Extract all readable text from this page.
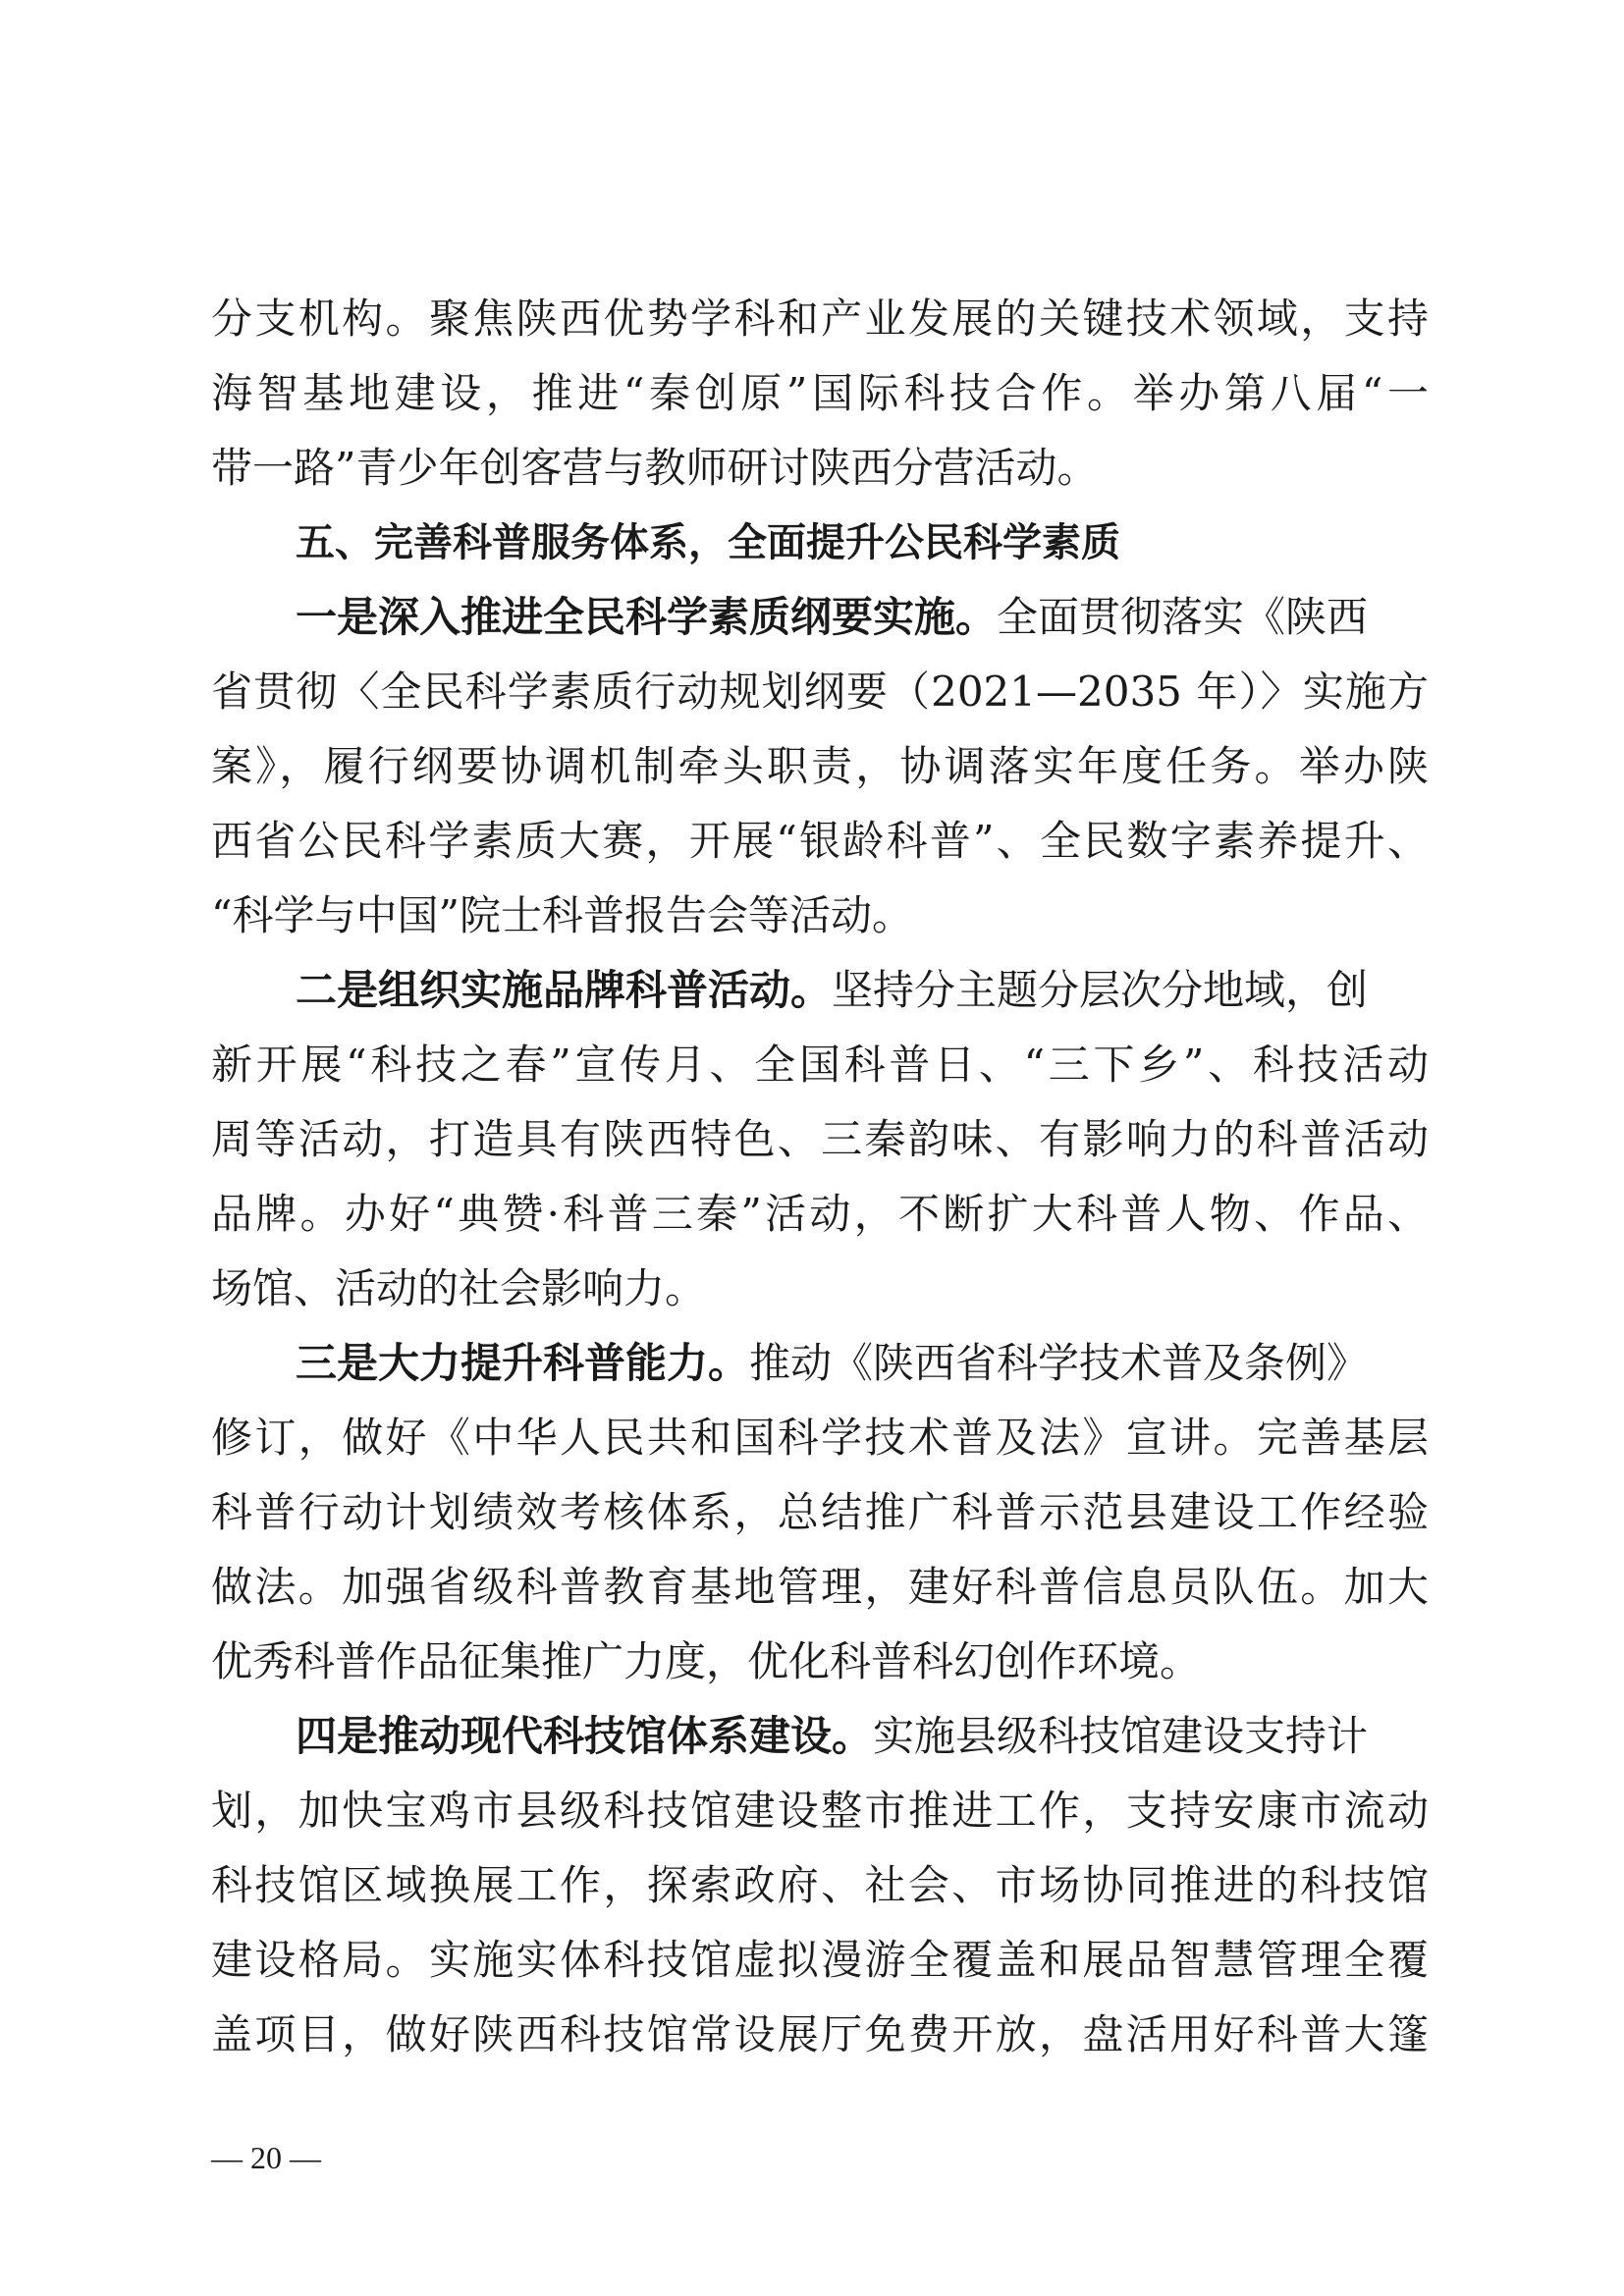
分支机构。聚焦陕西优势学科和产业发展的关键技术领域，支持
海智基地建设，推进“秦创原”国际科技合作。举办第八届“一
带一路”青少年创客营与教师研讨陕西分营活动。
五、完善科普服务体系，全面提升公民科学素质
一是深入推进全民科学素质纲要实施。全面贯彻落实《陕西
省贯彻〈全民科学素质行动规划纲要（2021—2035 年）〉实施方
案》，履行纲要协调机制牵头职责，协调落实年度任务。举办陕
西省公民科学素质大赛，开展“银龄科普”、全民数字素养提升、
“科学与中国”院士科普报告会等活动。
二是组织实施品牌科普活动。坚持分主题分层次分地域，创
新开展“科技之春”宣传月、全国科普日、“三下乡”、科技活动
周等活动，打造具有陕西特色、三秦韵味、有影响力的科普活动
品牌。办好“典赞·科普三秦”活动，不断扩大科普人物、作品、
场馆、活动的社会影响力。
三是大力提升科普能力。推动《陕西省科学技术普及条例》
修订，做好《中华人民共和国科学技术普及法》宣讲。完善基层
科普行动计划绩效考核体系，总结推广科普示范县建设工作经验
做法。加强省级科普教育基地管理，建好科普信息员队伍。加大
优秀科普作品征集推广力度，优化科普科幻创作环境。
四是推动现代科技馆体系建设。实施县级科技馆建设支持计
划，加快宝鸡市县级科技馆建设整市推进工作，支持安康市流动
科技馆区域换展工作，探索政府、社会、市场协同推进的科技馆
建设格局。实施实体科技馆虚拟漫游全覆盖和展品智慧管理全覆
盖项目，做好陕西科技馆常设展厅免费开放，盘活用好科普大篷
— 20 —
